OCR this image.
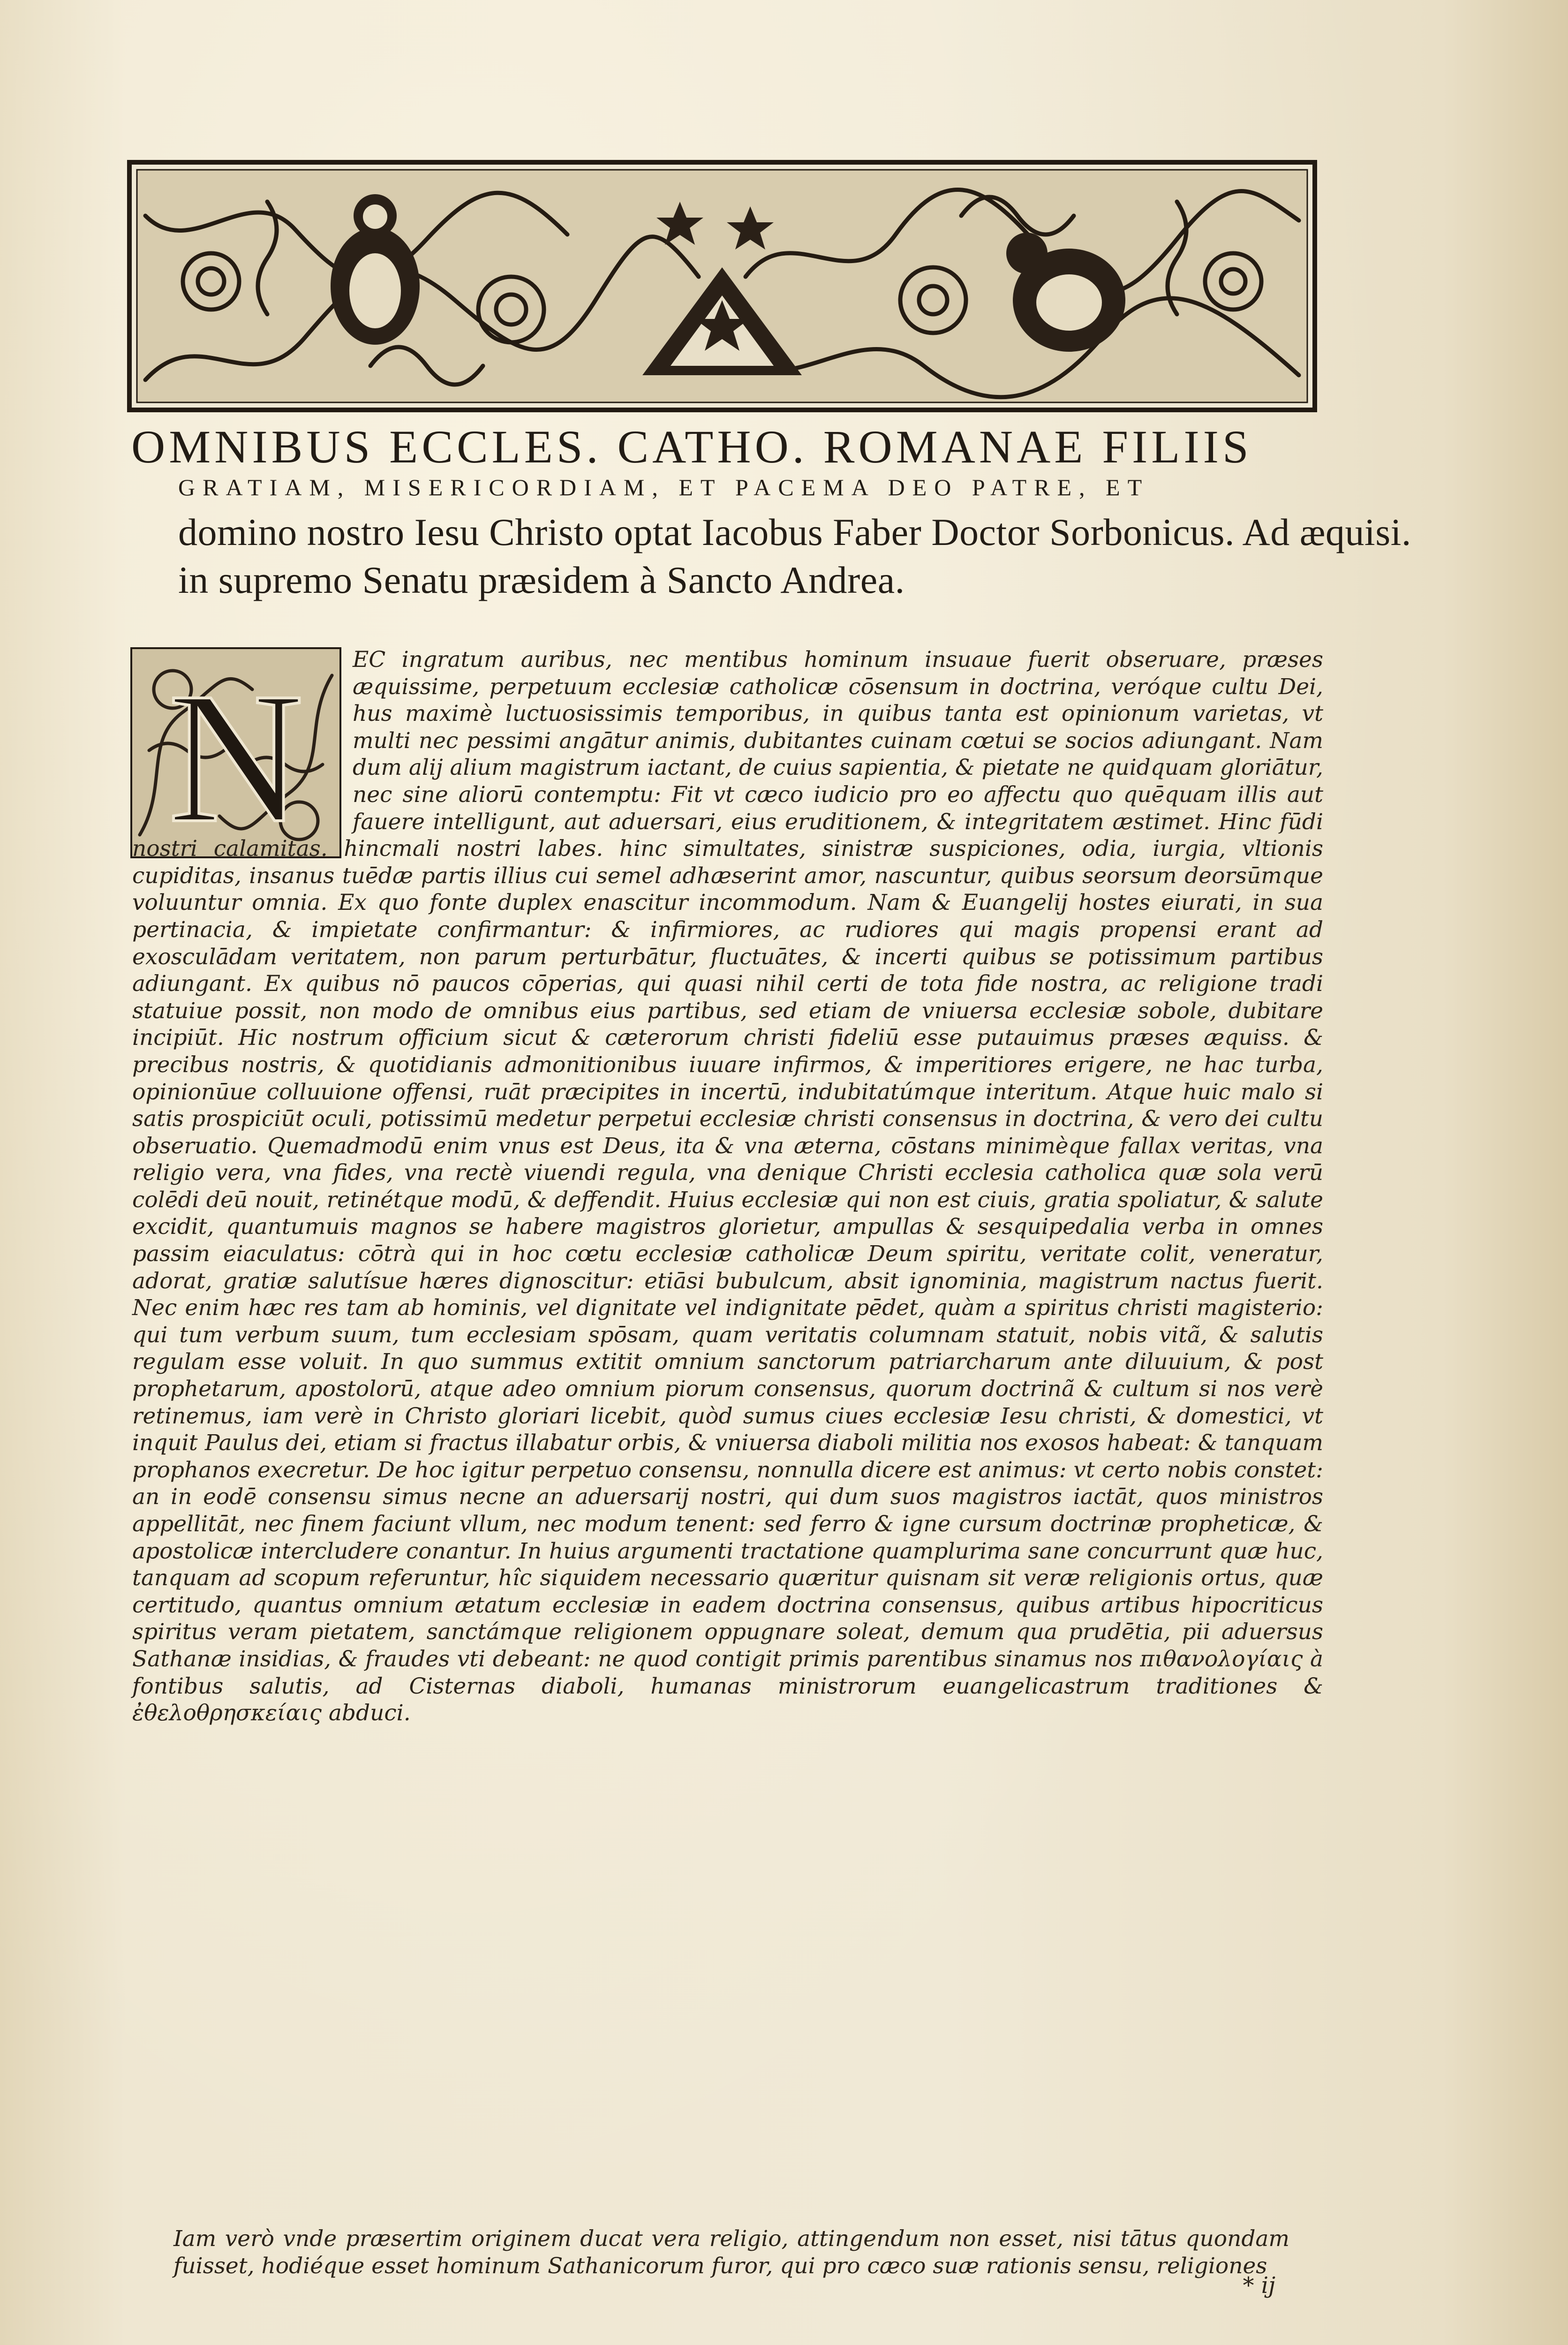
OMNIBUS ECCLES. CATHO. ROMANAE FILIIS
GRATIAM, MISERICORDIAM, ET PACEMA DEO PATRE, ET
domino nostro Iesu Christo optat Iacobus Faber Doctor Sorbonicus. Ad æquisi.
in supremo Senatu præsidem à Sancto Andrea.
N	EC ingratum auribus, nec mentibus hominum insuaue fuerit obseruare, præses æquissime, perpetuum ecclesiæ catholicæ cōsensum in doctrina, veróque cultu Dei, hus maximè luctuosissimis temporibus, in quibus tanta est opinionum varietas, vt multi nec pessimi angātur animis, dubitantes cuinam cœtui se socios adiungant. Nam dum alij alium magistrum iactant, de cuius sapientia, & pietate ne quidquam gloriātur, nec sine aliorū contemptu: Fit vt cæco iudicio pro eo affectu quo quēquam illis aut fauere intelligunt, aut aduersari, eius eruditionem, & integritatem æstimet. Hinc fūdi nostri calamitas. hincmali nostri labes. hinc simultates, sinistræ suspiciones, odia, iurgia, vltionis cupiditas, insanus tuēdæ partis illius cui semel adhæserint amor, nascuntur, quibus seorsum deorsūmque voluuntur omnia. Ex quo fonte duplex enascitur incommodum. Nam & Euangelij hostes eiurati, in sua pertinacia, & impietate confirmantur: & infirmiores, ac rudiores qui magis propensi erant ad exosculādam veritatem, non parum perturbātur, fluctuātes, & incerti quibus se potissimum partibus adiungant. Ex quibus nō paucos cōperias, qui quasi nihil certi de tota fide nostra, ac religione tradi statuiue possit, non modo de omnibus eius partibus, sed etiam de vniuersa ecclesiæ sobole, dubitare incipiūt. Hic nostrum officium sicut & cæterorum christi fideliū esse putauimus præses æquiss. & precibus nostris, & quotidianis admonitionibus iuuare infirmos, & imperitiores erigere, ne hac turba, opinionūue colluuione offensi, ruāt præcipites in incertū, indubitatúmque interitum. Atque huic malo si satis prospiciūt oculi, potissimū medetur perpetui ecclesiæ christi consensus in doctrina, & vero dei cultu obseruatio. Quemadmodū enim vnus est Deus, ita & vna æterna, cōstans minimèque fallax veritas, vna religio vera, vna fides, vna rectè viuendi regula, vna denique Christi ecclesia catholica quæ sola verū colēdi deū nouit, retinétque modū, & deffendit. Huius ecclesiæ qui non est ciuis, gratia spoliatur, & salute excidit, quantumuis magnos se habere magistros glorietur, ampullas & sesquipedalia verba in omnes passim eiaculatus: cōtrà qui in hoc cœtu ecclesiæ catholicæ Deum spiritu, veritate colit, veneratur, adorat, gratiæ salutísue hæres dignoscitur: etiāsi bubulcum, absit ignominia, magistrum nactus fuerit. Nec enim hæc res tam ab hominis, vel dignitate vel indignitate pēdet, quàm a spiritus christi magisterio: qui tum verbum suum, tum ecclesiam spōsam, quam veritatis columnam statuit, nobis vitã, & salutis regulam esse voluit. In quo summus extitit omnium sanctorum patriarcharum ante diluuium, & post prophetarum, apostolorū, atque adeo omnium piorum consensus, quorum doctrinã & cultum si nos verè retinemus, iam verè in Christo gloriari licebit, quòd sumus ciues ecclesiæ Iesu christi, & domestici, vt inquit Paulus dei, etiam si fractus illabatur orbis, & vniuersa diaboli militia nos exosos habeat: & tanquam prophanos execretur. De hoc igitur perpetuo consensu, nonnulla dicere est animus: vt certo nobis constet: an in eodē consensu simus necne an aduersarij nostri, qui dum suos magistros iactāt, quos ministros appellitāt, nec finem faciunt vllum, nec modum tenent: sed ferro & igne cursum doctrinæ propheticæ, & apostolicæ intercludere conantur. In huius argumenti tractatione quamplurima sane concurrunt quæ huc, tanquam ad scopum referuntur, hîc siquidem necessario quæritur quisnam sit veræ religionis ortus, quæ certitudo, quantus omnium ætatum ecclesiæ in eadem doctrina consensus, quibus artibus hipocriticus spiritus veram pietatem, sanctámque religionem oppugnare soleat, demum qua prudētia, pii aduersus Sathanæ insidias, & fraudes vti debeant: ne quod contigit primis parentibus sinamus nos πιθανολογίαις à fontibus salutis, ad Cisternas diaboli, humanas ministrorum euangelicastrum traditiones & ἐθελοθρησκείαις abduci.

Iam verò vnde præsertim originem ducat vera religio, attingendum non esset, nisi tātus quondam fuisset, hodiéque esset hominum Sathanicorum furor, qui pro cæco suæ rationis sensu, religiones

* ij
